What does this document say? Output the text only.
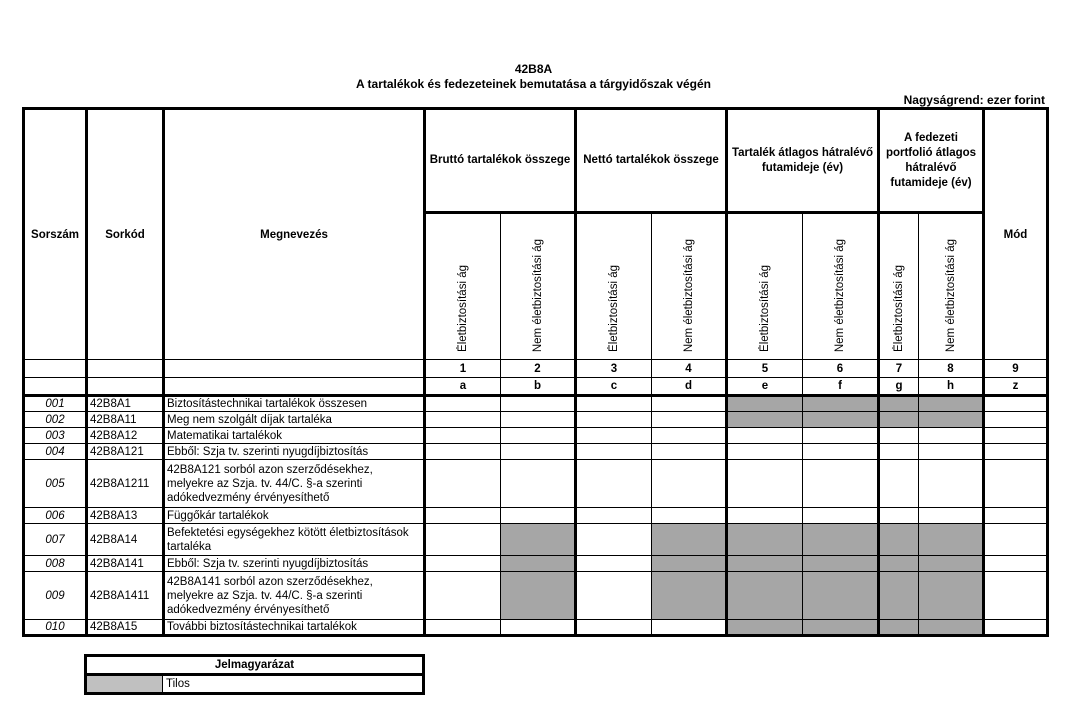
42B8A
A tartalékok és fedezeteinek bemutatása a tárgyidőszak végén
Nagyságrend: ezer forint
Sorszám	Sorkód	Megnevezés	Bruttó tartalékok összege		Nettó tartalékok összege		Tartalék átlagos hátralévő futamideje (év)		A fedezeti portfolió átlagos hátralévő futamideje (év)		Mód
			Életbiztosítási ág	Nem életbiztosítási ág	Életbiztosítási ág	Nem életbiztosítási ág	Életbiztosítási ág	Nem életbiztosítási ág	Életbiztosítási ág	Nem életbiztosítási ág	
			1	2	3	4	5	6	7	8	9
			a	b	c	d	e	f	g	h	z
001	42B8A1	Biztosítástechnikai tartalékok összesen									
002	42B8A11	Meg nem szolgált díjak tartaléka									
003	42B8A12	Matematikai tartalékok									
004	42B8A121	Ebből: Szja tv. szerinti nyugdíjbiztosítás									
005	42B8A1211	42B8A121 sorból azon szerződésekhez, melyekre az Szja. tv. 44/C. §-a szerinti adókedvezmény érvényesíthető									
006	42B8A13	Függőkár tartalékok									
007	42B8A14	Befektetési egységekhez kötött életbiztosítások tartaléka									
008	42B8A141	Ebből: Szja tv. szerinti nyugdíjbiztosítás									
009	42B8A1411	42B8A141 sorból azon szerződésekhez, melyekre az Szja. tv. 44/C. §-a szerinti adókedvezmény érvényesíthető									
010	42B8A15	További biztosítástechnikai tartalékok									
Jelmagyarázat
	Tilos
